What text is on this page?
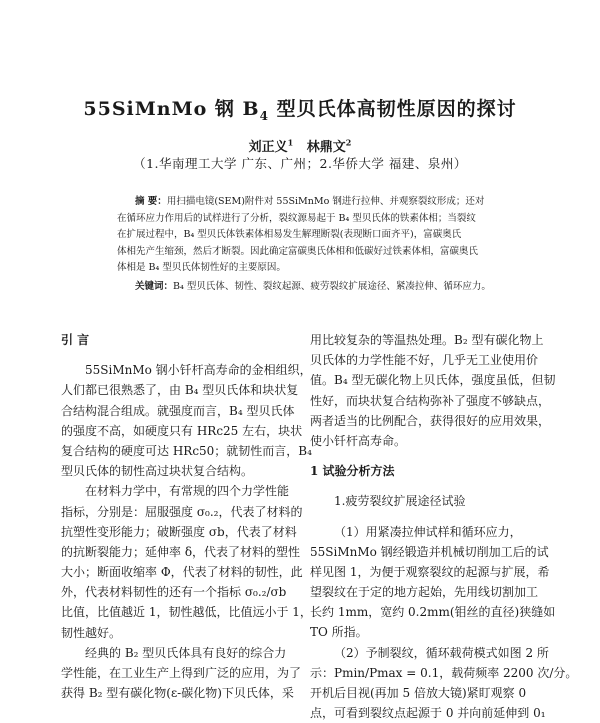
55SiMnMo 钢 $B_4$ 型贝氏体高韧性原因的探讨
刘正义$^1$ 林鼎文$^2$
（1.华南理工大学 广东、广州；2.华侨大学 福建、泉州）
摘 要：用扫描电镜(SEM)附件对 55SiMnMo 钢进行拉伸、并观察裂纹形成；还对
在循环应力作用后的试样进行了分析，裂纹源易起于 B₄ 型贝氏体的铁素体相；当裂纹
在扩展过程中，B₄ 型贝氏体铁素体相易发生解理断裂(表现断口面齐平)，富碳奥氏
体相先产生缩颈，然后才断裂。因此确定富碳奥氏体相和低碳好过铁素体相，富碳奥氏
体相是 B₄ 型贝氏体韧性好的主要原因。
关键词：B₄ 型贝氏体、韧性、裂纹起源、疲劳裂纹扩展途径、紧凑拉伸、循环应力。
引 言
55SiMnMo 钢小钎杆高寿命的金相组织，
人们都已很熟悉了，由 B₄ 型贝氏体和块状复
合结构混合组成。就强度而言，B₄ 型贝氏体
的强度不高，如硬度只有 HRc25 左右，块状
复合结构的硬度可达 HRc50；就韧性而言，B₄
型贝氏体的韧性高过块状复合结构。
在材料力学中，有常规的四个力学性能
指标，分别是：屈服强度 σ₀.₂，代表了材料的
抗塑性变形能力；破断强度 σb，代表了材料
的抗断裂能力；延伸率 δ，代表了材料的塑性
大小；断面收缩率 Φ，代表了材料的韧性，此
外，代表材料韧性的还有一个指标 σ₀.₂/σb
比值，比值越近 1，韧性越低，比值远小于 1，
韧性越好。
经典的 B₂ 型贝氏体具有良好的综合力
学性能，在工业生产上得到广泛的应用，为了
获得 B₂ 型有碳化物(ε-碳化物)下贝氏体，采
用比较复杂的等温热处理。B₂ 型有碳化物上
贝氏体的力学性能不好，几乎无工业使用价
值。B₄ 型无碳化物上贝氏体，强度虽低，但韧
性好，而块状复合结构弥补了强度不够缺点，
两者适当的比例配合，获得很好的应用效果，
使小钎杆高寿命。
1 试验分析方法
1.疲劳裂纹扩展途径试验
（1）用紧凑拉伸试样和循环应力，
55SiMnMo 钢经锻造并机械切削加工后的试
样见图 1，为便于观察裂纹的起源与扩展，希
望裂纹在于定的地方起始，先用线切割加工
长约 1mm，宽约 0.2mm(钼丝的直径)狭缝如
TO 所指。
（2）予制裂纹，循环载荷模式如图 2 所
示：Pmin/Pmax = 0.1，载荷频率 2200 次/分。
开机后目视(再加 5 倍放大镜)紧盯观察 0
点，可看到裂纹点起源于 0 并向前延伸到 0₁
